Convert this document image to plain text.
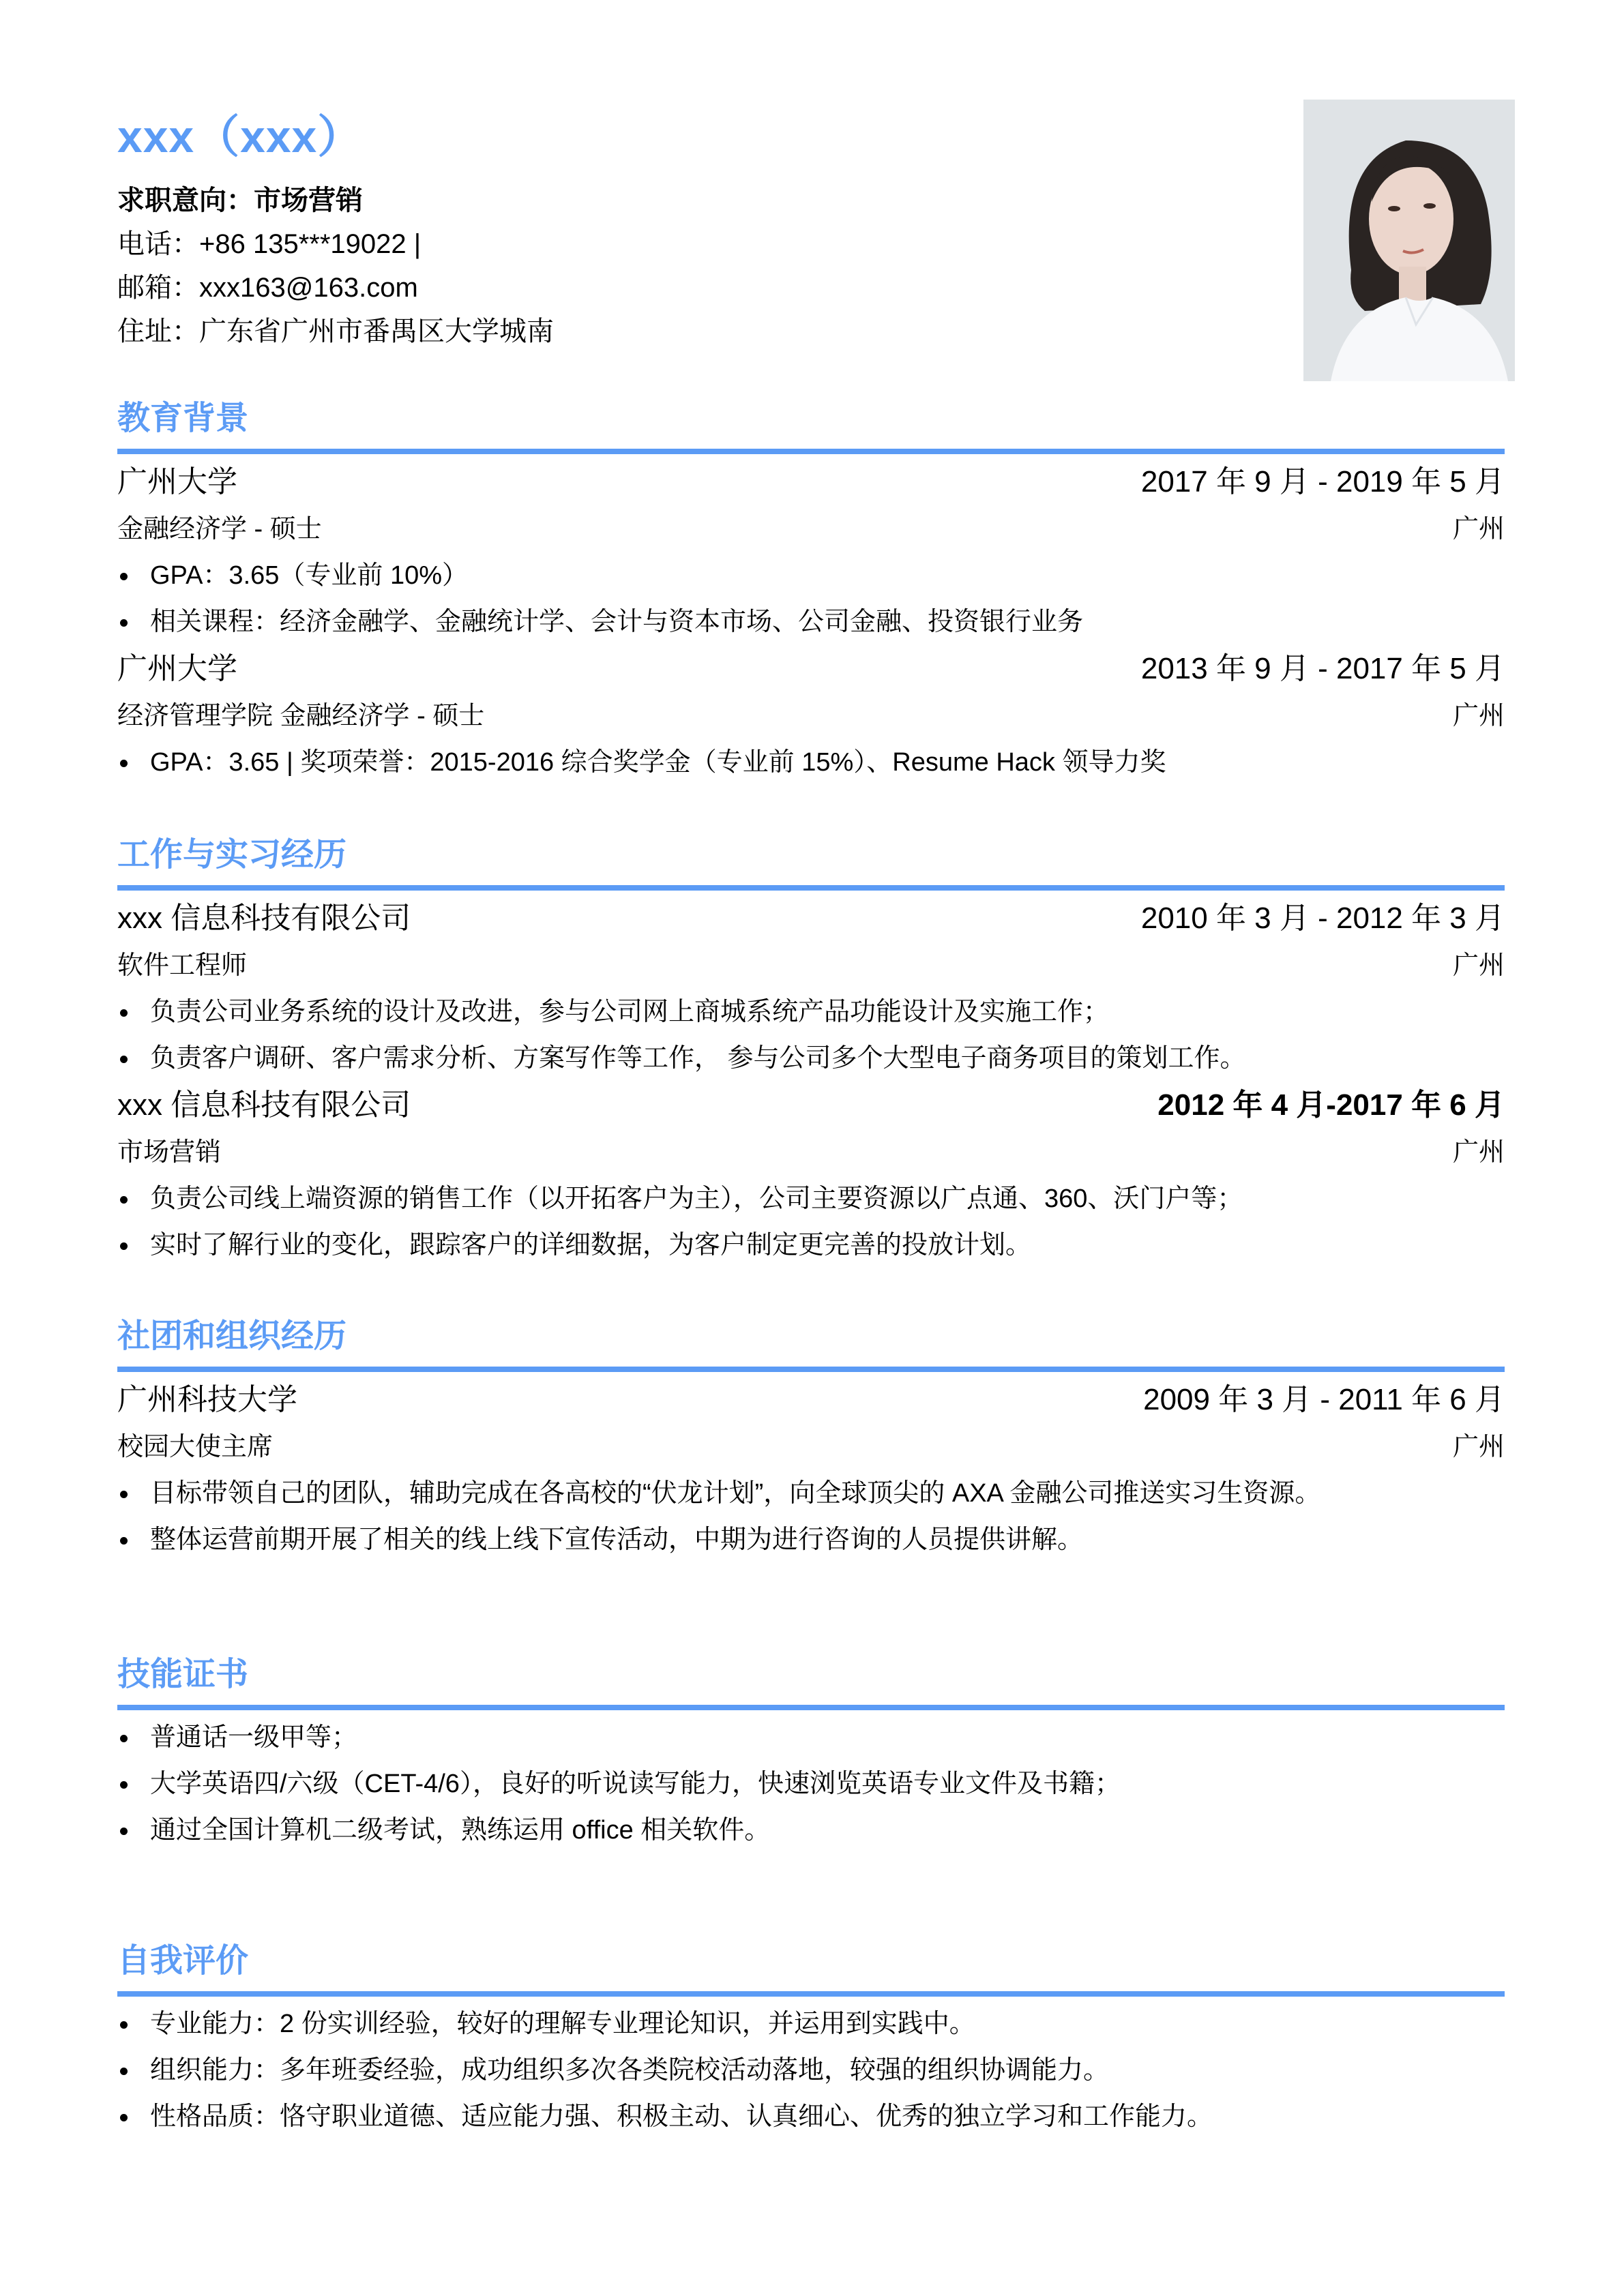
xxx（xxx）
求职意向：市场营销
电话：+86 135***19022 |
邮箱：xxx163@163.com
住址：广东省广州市番禺区大学城南
教育背景
广州大学	2017 年 9 月 - 2019 年 5 月
金融经济学 - 硕士	广州
GPA：3.65（专业前 10%）
相关课程：经济金融学、金融统计学、会计与资本市场、公司金融、投资银行业务
广州大学	2013 年 9 月 - 2017 年 5 月
经济管理学院 金融经济学 - 硕士	广州
GPA：3.65 | 奖项荣誉：2015-2016 综合奖学金（专业前 15%）、Resume Hack 领导力奖
工作与实习经历
xxx 信息科技有限公司	2010 年 3 月 - 2012 年 3 月
软件工程师	广州
负责公司业务系统的设计及改进，参与公司网上商城系统产品功能设计及实施工作；
负责客户调研、客户需求分析、方案写作等工作， 参与公司多个大型电子商务项目的策划工作。
xxx 信息科技有限公司	2012 年 4 月-2017 年 6 月
市场营销	广州
负责公司线上端资源的销售工作（以开拓客户为主），公司主要资源以广点通、360、沃门户等；
实时了解行业的变化，跟踪客户的详细数据，为客户制定更完善的投放计划。
社团和组织经历
广州科技大学	2009 年 3 月 - 2011 年 6 月
校园大使主席	广州
目标带领自己的团队，辅助完成在各高校的“伏龙计划”，向全球顶尖的 AXA 金融公司推送实习生资源。
整体运营前期开展了相关的线上线下宣传活动，中期为进行咨询的人员提供讲解。
技能证书
普通话一级甲等；
大学英语四/六级（CET-4/6），良好的听说读写能力，快速浏览英语专业文件及书籍；
通过全国计算机二级考试，熟练运用 office 相关软件。
自我评价
专业能力：2 份实训经验，较好的理解专业理论知识，并运用到实践中。
组织能力：多年班委经验，成功组织多次各类院校活动落地，较强的组织协调能力。
性格品质：恪守职业道德、适应能力强、积极主动、认真细心、优秀的独立学习和工作能力。
